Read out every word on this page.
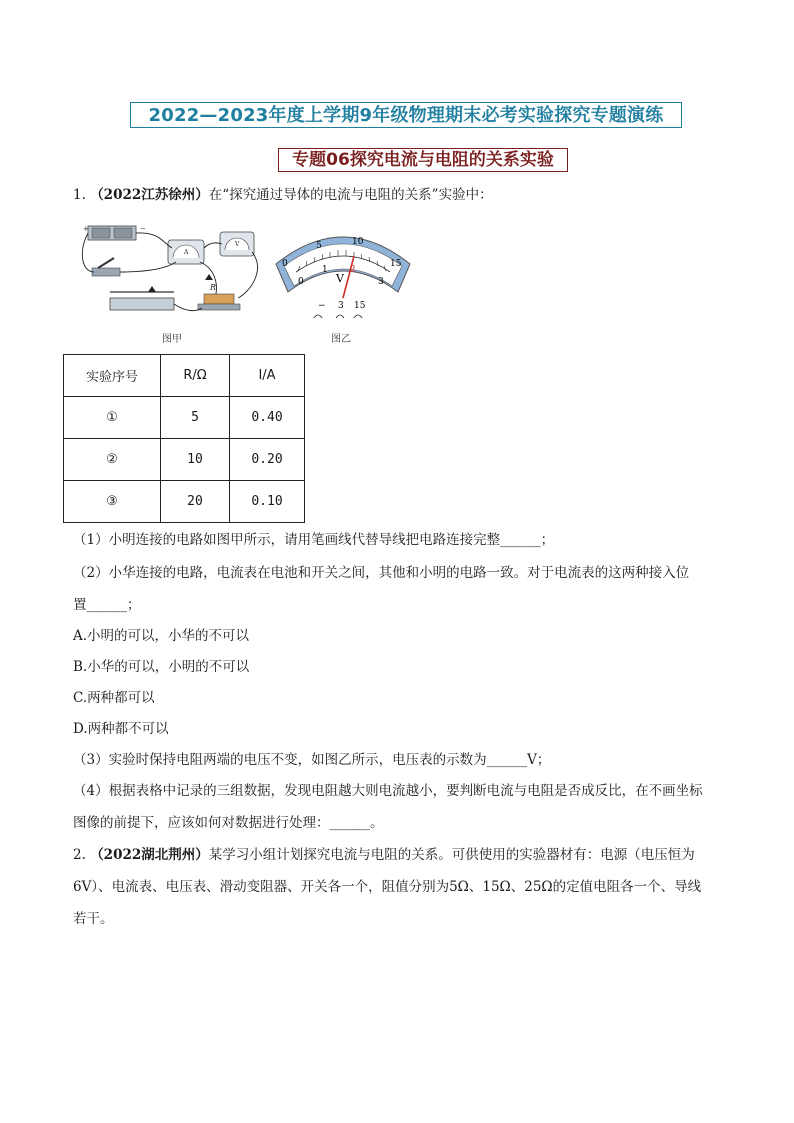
2022—2023年度上学期9年级物理期末必考实验探究专题演练
专题06探究电流与电阻的关系实验
1. （2022江苏徐州）在“探究通过导体的电流与电阻的关系”实验中：
+	−
A
V
R
图甲
0
5	10
15
0
1 2
3
V
− 3 15
图乙
实验序号	R/Ω	I/A
①	5	0.40
②	10	0.20
③	20	0.10
（1）小明连接的电路如图甲所示，请用笔画线代替导线把电路连接完整______；
（2）小华连接的电路，电流表在电池和开关之间，其他和小明的电路一致。对于电流表的这两种接入位
置______；
A.小明的可以，小华的不可以
B.小华的可以，小明的不可以
C.两种都可以
D.两种都不可以
（3）实验时保持电阻两端的电压不变，如图乙所示，电压表的示数为______V；
（4）根据表格中记录的三组数据，发现电阻越大则电流越小，要判断电流与电阻是否成反比，在不画坐标
图像的前提下，应该如何对数据进行处理：______。
2. （2022湖北荆州）某学习小组计划探究电流与电阻的关系。可供使用的实验器材有：电源（电压恒为
6V）、电流表、电压表、滑动变阻器、开关各一个，阻值分别为5Ω、15Ω、25Ω的定值电阻各一个、导线
若干。
